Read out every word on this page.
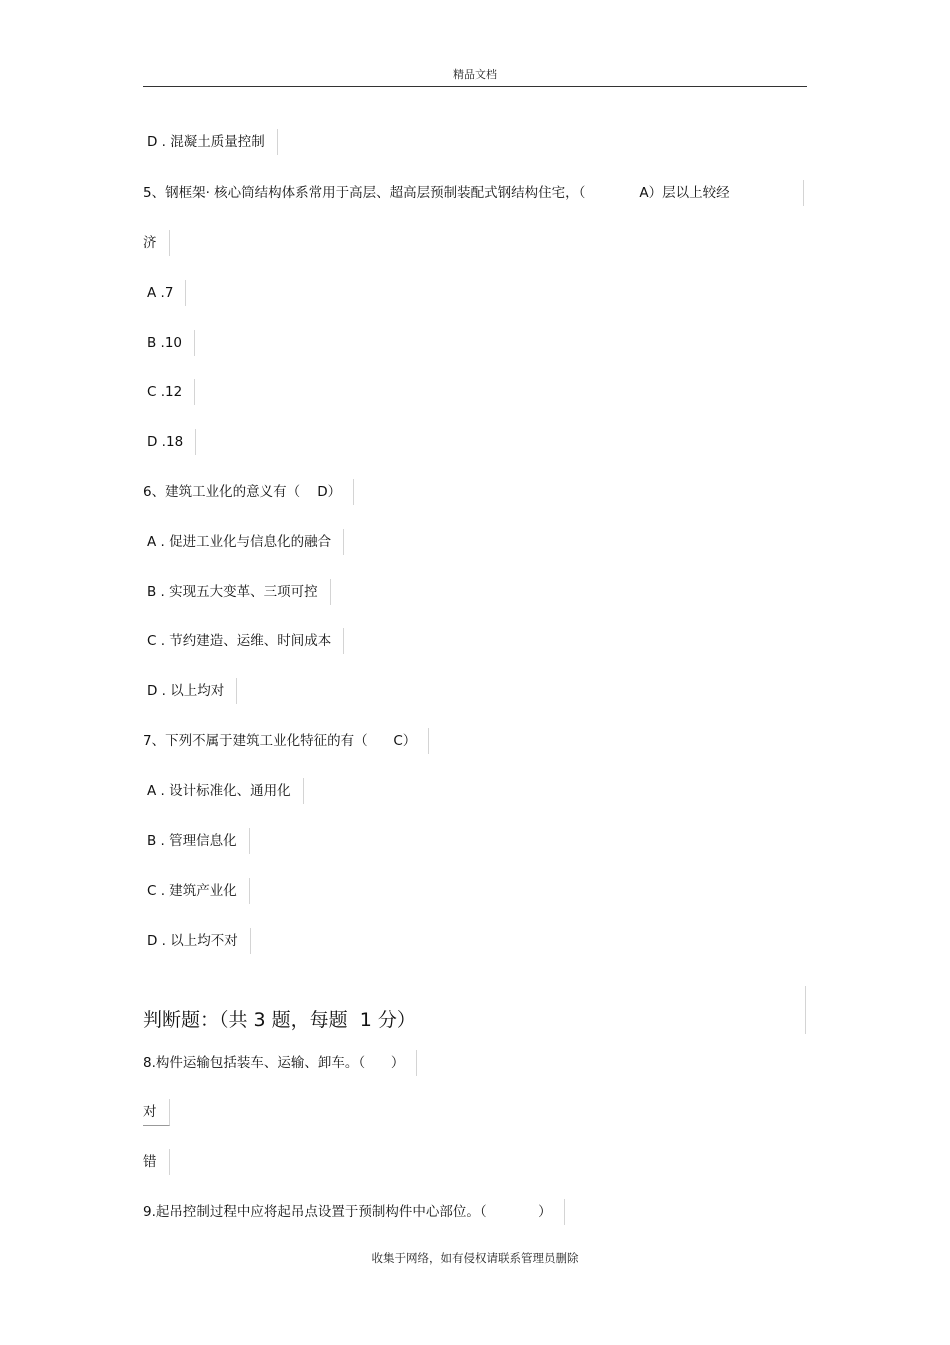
精品文档
D . 混凝土质量控制
5、钢框架· 核心筒结构体系常用于高层、超高层预制装配式钢结构住宅，（	A）层以上较经
济
A .7
B .10
C .12
D .18
6、建筑工业化的意义有（    D）
A . 促进工业化与信息化的融合
B . 实现五大变革、三项可控
C . 节约建造、运维、时间成本
D . 以上均对
7、下列不属于建筑工业化特征的有（      C）
A . 设计标准化、通用化
B . 管理信息化
C . 建筑产业化
D . 以上均不对
判断题：（共 3 题，每题  1 分）
8.构件运输包括装车、运输、卸车。（      ）
对
错
9.起吊控制过程中应将起吊点设置于预制构件中心部位。（            ）
收集于网络，如有侵权请联系管理员删除
